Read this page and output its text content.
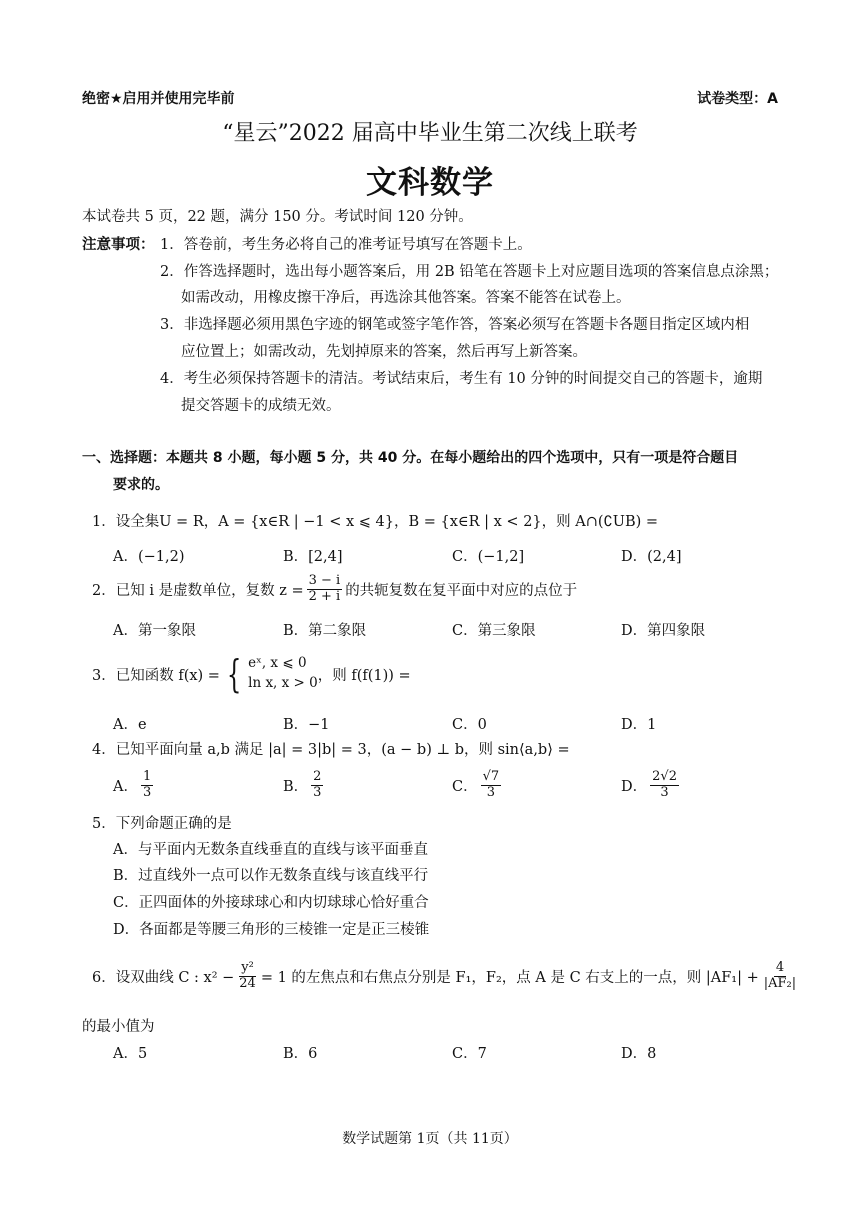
绝密★启用并使用完毕前	试卷类型：A
“星云”2022 届高中毕业生第二次线上联考
文科数学
本试卷共 5 页，22 题，满分 150 分。考试时间 120 分钟。
注意事项： 1．答卷前，考生务必将自己的准考证号填写在答题卡上。
2．作答选择题时，选出每小题答案后，用 2B 铅笔在答题卡上对应题目选项的答案信息点涂黑；
如需改动，用橡皮擦干净后，再选涂其他答案。答案不能答在试卷上。
3．非选择题必须用黑色字迹的钢笔或签字笔作答，答案必须写在答题卡各题目指定区域内相
应位置上；如需改动，先划掉原来的答案，然后再写上新答案。
4．考生必须保持答题卡的清洁。考试结束后，考生有 10 分钟的时间提交自己的答题卡，逾期
提交答题卡的成绩无效。
一、选择题：本题共 8 小题，每小题 5 分，共 40 分。在每小题给出的四个选项中，只有一项是符合题目
要求的。
1．设全集U = R，A = {x∈R | −1 < x ⩽ 4}，B = {x∈R | x < 2}，则 A∩(∁UB) =
A．(−1,2)	B．[2,4]	C．(−1,2]	D．(2,4]
2．已知 i 是虚数单位，复数 $z = \frac{3 - i}{2 + i}$ 的共轭复数在复平面中对应的点位于
A．第一象限	B．第二象限	C．第三象限	D．第四象限
3．已知函数 f(x) = { eˣ, x ⩽ 0
ln x, x > 0 ，则 f(f(1)) =
A．e	B．−1	C．0	D．1
4．已知平面向量 a,b 满足 |a| = 3|b| = 3，(a − b) ⊥ b，则 sin⟨a,b⟩ =
A． $\frac{1}{3}$	B． $\frac{2}{3}$	C． $\frac{√7}{3}$	D． $\frac{2√2}{3}$
5．下列命题正确的是
A．与平面内无数条直线垂直的直线与该平面垂直
B．过直线外一点可以作无数条直线与该直线平行
C．正四面体的外接球球心和内切球球心恰好重合
D．各面都是等腰三角形的三棱锥一定是正三棱锥
6．设双曲线 C : $x^2 - \frac{\text{y²}}{24} = 1$ 的左焦点和右焦点分别是 F₁，F₂，点 A 是 C 右支上的一点，则 $|AF_1| + \frac{4}{\text{|AF₂|}}$
的最小值为
A．5	B．6	C．7	D．8
数学试题第 1页（共 11页）
